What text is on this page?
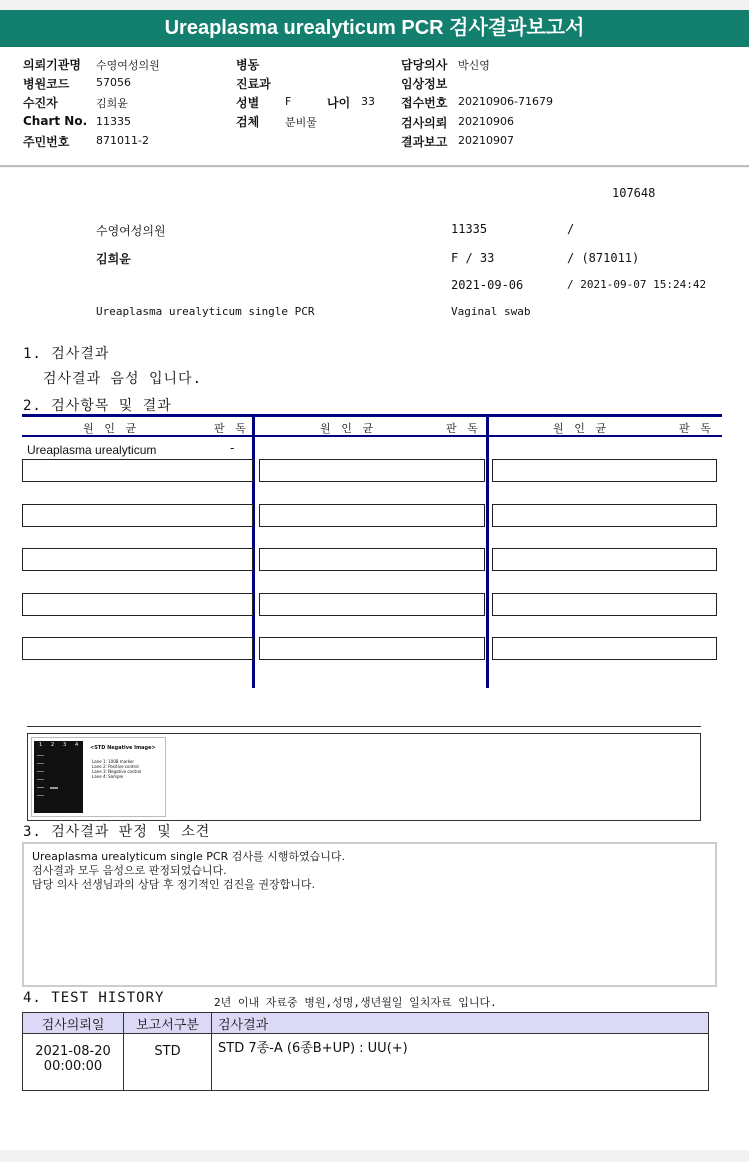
Ureaplasma urealyticum PCR 검사결과보고서
의뢰기관명 수영여성의원
병원코드 57056
수진자	김희윤
Chart No. 11335
주민번호 871011-2
병동
진료과
성별 F	나이 33
검체 분비물
담당의사 박신영
임상정보
접수번호 20210906-71679
검사의뢰 20210906
결과보고 20210907
107648
수영여성의원	11335	/
김희윤	F / 33	/ (871011)
2021-09-06	/ 2021-09-07 15:24:42
Ureaplasma urealyticum single PCR	Vaginal swab
1. 검사결과
검사결과 음성 입니다.
2. 검사항목 및 결과
원 인 균	판 독	원 인 균	판 독	원 인 균	판 독
Ureaplasma urealyticum	-
1 2 3 4 <STD Negative Image>
Lane 1: 100B marker
Lane 2: Positive control
Lane 3: Negative control
Lane 4: Sample
3. 검사결과 판정 및 소견
Ureaplasma urealyticum single PCR 검사를 시행하였습니다.
검사결과 모두 음성으로 판정되었습니다.
담당 의사 선생님과의 상담 후 정기적인 검진을 권장합니다.
4. TEST HISTORY	2년 이내 자료중 병원,성명,생년월일 일치자료 입니다.
검사의뢰일	보고서구분	검사결과

2021-08-20
00:00:00	STD	STD 7종-A (6종B+UP) : UU(+)
